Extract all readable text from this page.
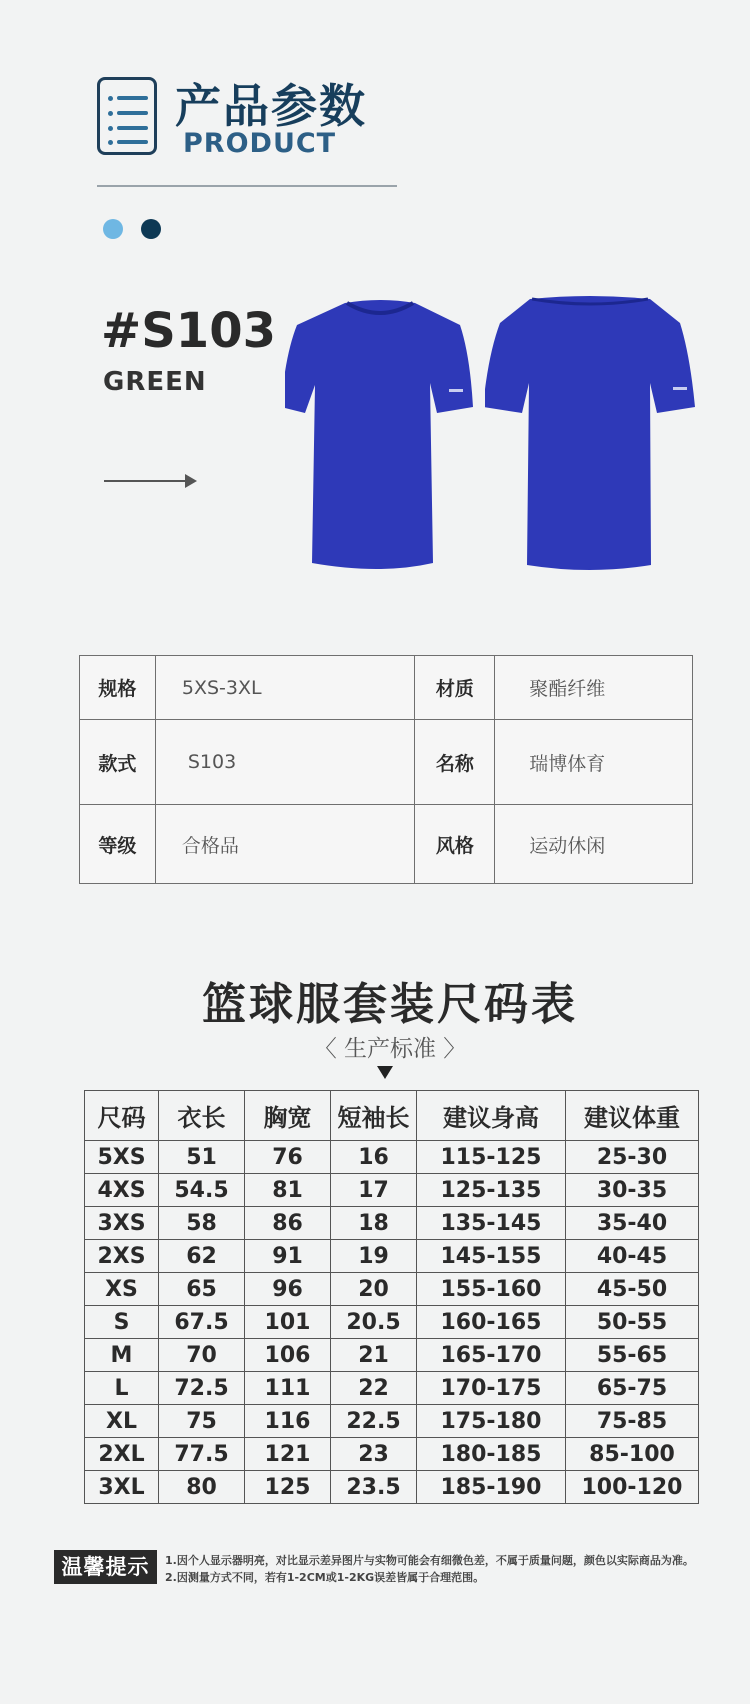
产品参数
PRODUCT
#S103
GREEN
规格	5XS-3XL	材质	聚酯纤维
款式	S103	名称	瑞博体育
等级	合格品	风格	运动休闲
篮球服套装尺码表
〈 生产标准 〉
尺码	衣长	胸宽	短袖长	建议身高	建议体重
5XS	51	76	16	115-125	25-30
4XS	54.5	81	17	125-135	30-35
3XS	58	86	18	135-145	35-40
2XS	62	91	19	145-155	40-45
XS	65	96	20	155-160	45-50
S	67.5	101	20.5	160-165	50-55
M	70	106	21	165-170	55-65
L	72.5	111	22	170-175	65-75
XL	75	116	22.5	175-180	75-85
2XL	77.5	121	23	180-185	85-100
3XL	80	125	23.5	185-190	100-120
温馨提示	1.因个人显示器明亮，对比显示差异图片与实物可能会有细微色差，不属于质量问题，颜色以实际商品为准。
2.因测量方式不同，若有1-2CM或1-2KG误差皆属于合理范围。
